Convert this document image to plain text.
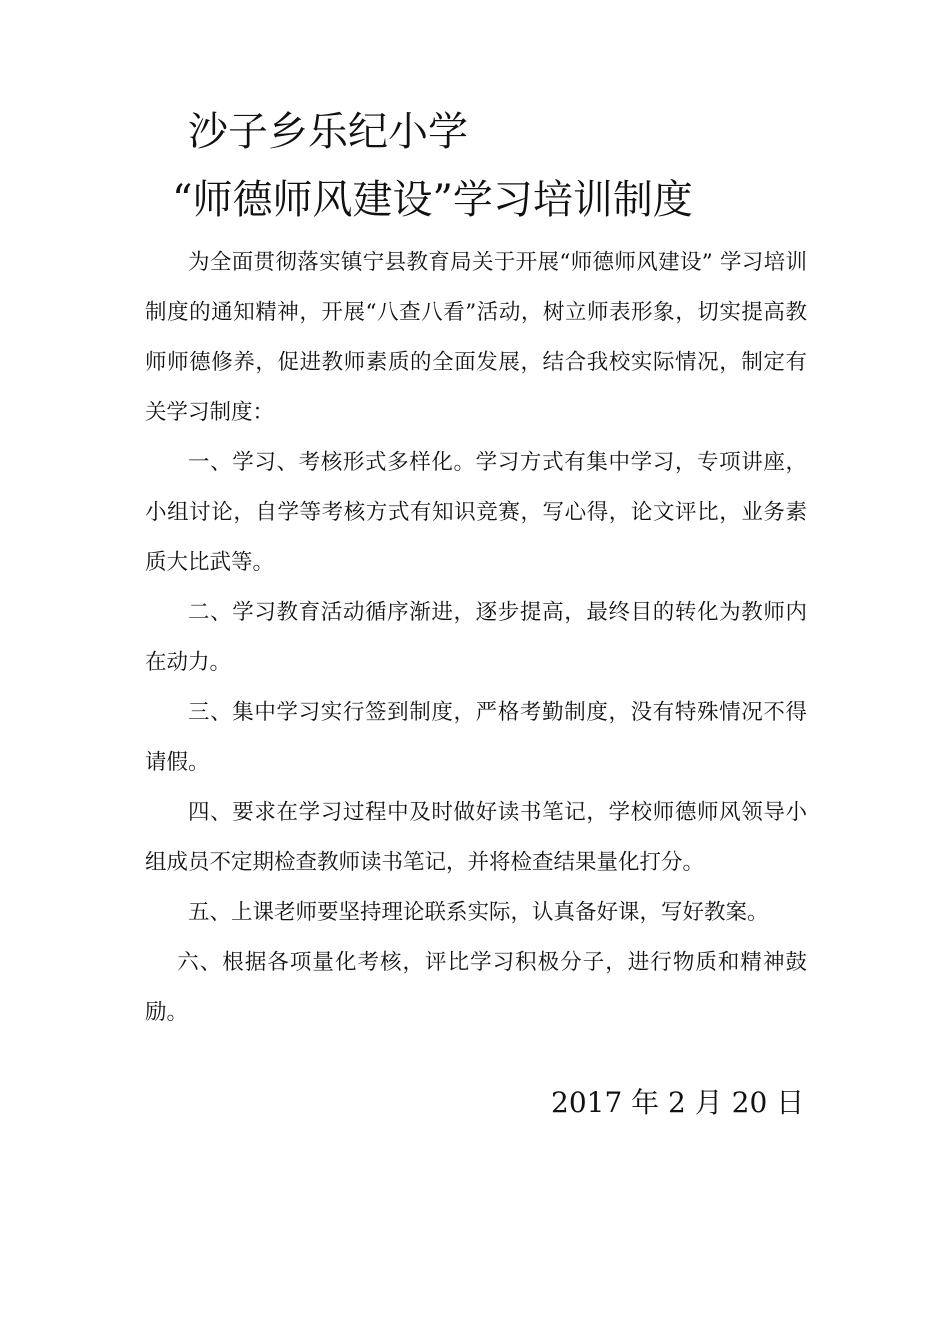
沙子乡乐纪小学
“师德师风建设”学习培训制度

为全面贯彻落实镇宁县教育局关于开展“师德师风建设” 学习培训制度的通知精神，开展“八查八看”活动，树立师表形象，切实提高教师师德修养，促进教师素质的全面发展，结合我校实际情况，制定有关学习制度：

一、学习、考核形式多样化。学习方式有集中学习，专项讲座，小组讨论，自学等考核方式有知识竞赛，写心得，论文评比，业务素质大比武等。

二、学习教育活动循序渐进，逐步提高，最终目的转化为教师内在动力。

三、集中学习实行签到制度，严格考勤制度，没有特殊情况不得请假。

四、要求在学习过程中及时做好读书笔记，学校师德师风领导小组成员不定期检查教师读书笔记，并将检查结果量化打分。

五、上课老师要坚持理论联系实际，认真备好课，写好教案。

六、根据各项量化考核，评比学习积极分子，进行物质和精神鼓励。

2017 年 2 月 20 日
